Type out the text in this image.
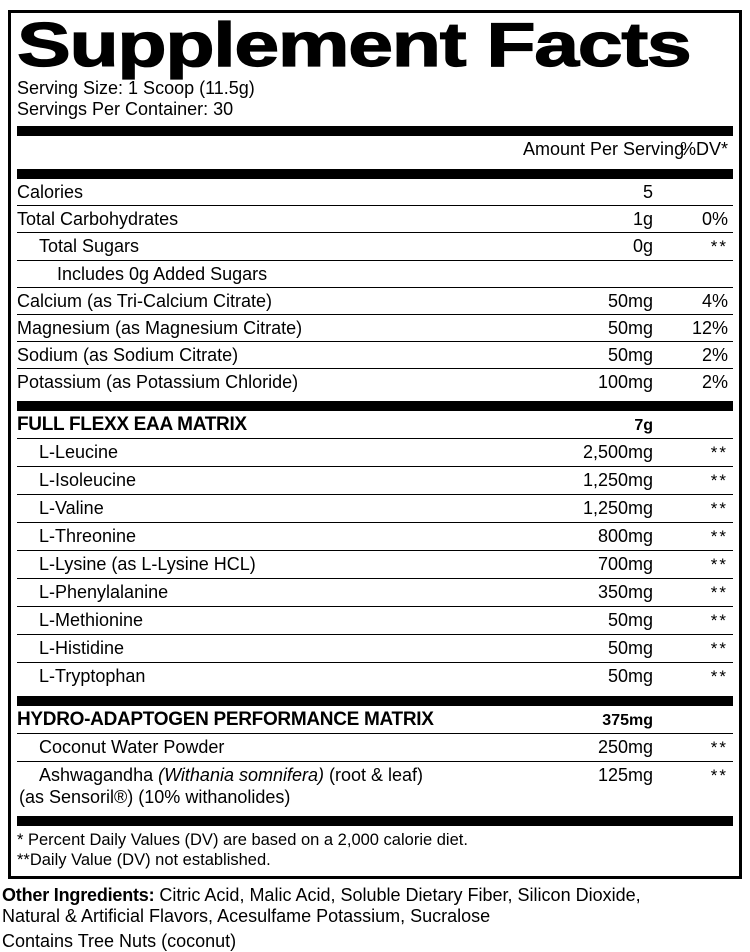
Supplement Facts
Serving Size: 1 Scoop (11.5g)
Servings Per Container: 30
Amount Per Serving
%DV*
Calories	5
Total Carbohydrates	1g	0%
Total Sugars	0g	**
Includes 0g Added Sugars
Calcium (as Tri-Calcium Citrate)	50mg	4%
Magnesium (as Magnesium Citrate)	50mg	12%
Sodium (as Sodium Citrate)	50mg	2%
Potassium (as Potassium Chloride)	100mg	2%
FULL FLEXX EAA MATRIX	7g
L-Leucine	2,500mg	**
L-Isoleucine	1,250mg	**
L-Valine	1,250mg	**
L-Threonine	800mg	**
L-Lysine (as L-Lysine HCL)	700mg	**
L-Phenylalanine	350mg	**
L-Methionine	50mg	**
L-Histidine	50mg	**
L-Tryptophan	50mg	**
HYDRO-ADAPTOGEN PERFORMANCE MATRIX	375mg
Coconut Water Powder	250mg	**
Ashwagandha (Withania somnifera) (root & leaf)
(as Sensoril®) (10% withanolides)
125mg	**
* Percent Daily Values (DV) are based on a 2,000 calorie diet.
**Daily Value (DV) not established.
Other Ingredients: Citric Acid, Malic Acid, Soluble Dietary Fiber, Silicon Dioxide,
Natural & Artificial Flavors, Acesulfame Potassium, Sucralose
Contains Tree Nuts (coconut)
